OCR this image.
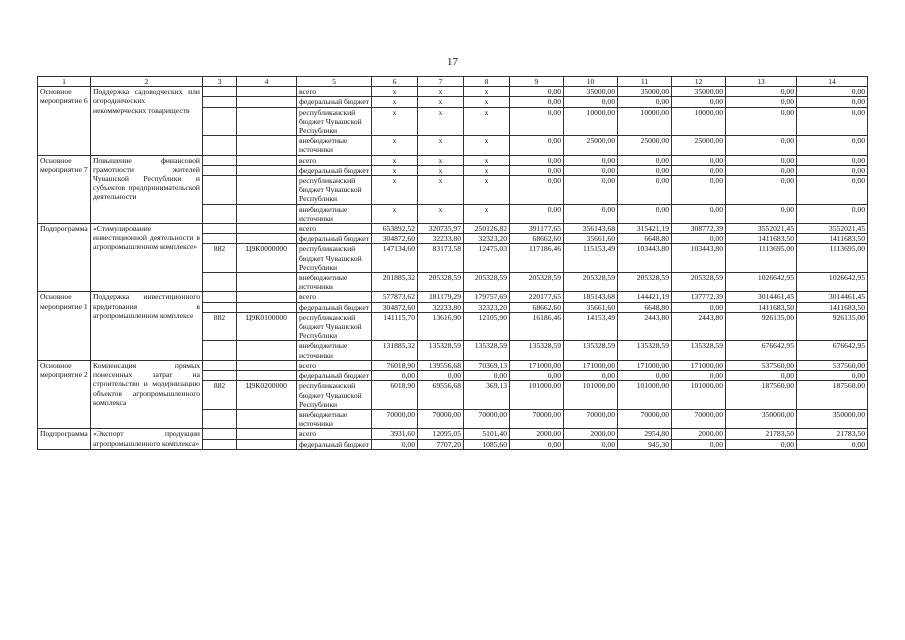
17
1	2	3	4	5	6	7	8	9	10	11	12	13	14
Основное мероприятие 6	Поддержка садоводческих или огороднических некоммерческих товариществ			всего	x	x	x	0,00	35000,00	35000,00	35000,00	0,00	0,00
				федеральный бюджет	x	x	x	0,00	0,00	0,00	0,00	0,00	0,00
				республиканский бюджет Чувашской Республики	x	x	x	0,00	10000,00	10000,00	10000,00	0,00	0,00
				внебюджетные источники	x	x	x	0,00	25000,00	25000,00	25000,00	0,00	0,00
Основное мероприятие 7	Повышение финансовой грамотности жителей Чувашской Республики и субъектов предпринимательской деятельности			всего	x	x	x	0,00	0,00	0,00	0,00	0,00	0,00
				федеральный бюджет	x	x	x	0,00	0,00	0,00	0,00	0,00	0,00
				республиканский бюджет Чувашской Республики	x	x	x	0,00	0,00	0,00	0,00	0,00	0,00
				внебюджетные источники	x	x	x	0,00	0,00	0,00	0,00	0,00	0,00
Подпрограмма	«Стимулирование инвестиционной деятельности в агропромышленном комплексе»			всего	653892,52	320735,97	250126,82	391177,65	356143,68	315421,19	308772,39	3552021,45	3552021,45
				федеральный бюджет	304872,60	32233,80	32323,20	68662,60	35661,60	6648,80	0,00	1411683,50	1411683,50
		882	Ц9К0000000	республиканский бюджет Чувашской Республики	147134,60	83173,58	12475,03	117186,46	115153,49	103443,80	103443,80	1113695,00	1113695,00
				внебюджетные источники	201885,32	205328,59	205328,59	205328,59	205328,59	205328,59	205328,59	1026642,95	1026642,95
Основное мероприятие 1	Поддержка инвестиционного кредитования в агропромышленном комплексе			всего	577873,62	181179,29	179757,69	220177,65	185143,68	144421,19	137772,39	3014461,45	3014461,45
				федеральный бюджет	304872,60	32233,80	32323,20	68662,60	35661,60	6648,80	0,00	1411683,50	1411683,50
		882	Ц9К0100000	республиканский бюджет Чувашской Республики	141115,70	13616,90	12105,90	16186,46	14153,49	2443,80	2443,80	926135,00	926135,00
				внебюджетные источники	131885,32	135328,59	135328,59	135328,59	135328,59	135328,59	135328,59	676642,95	676642,95
Основное мероприятие 2	Компенсация прямых понесенных затрат на строительство и модернизацию объектов агропромышленного комплекса			всего	76018,90	139556,68	70369,13	171000,00	171000,00	171000,00	171000,00	537560,00	537560,00
				федеральный бюджет	0,00	0,00	0,00	0,00	0,00	0,00	0,00	0,00	0,00
		882	Ц9К0200000	республиканский бюджет Чувашской Республики	6018,90	69556,68	369,13	101000,00	101000,00	101000,00	101000,00	187560,00	187560,00
				внебюджетные источники	70000,00	70000,00	70000,00	70000,00	70000,00	70000,00	70000,00	350000,00	350000,00
Подпрограмма	«Экспорт продукции агропромышленного комплекса»			всего	3931,60	12095,05	5101,40	2000,00	2000,00	2954,80	2000,00	21783,50	21783,50
				федеральный бюджет	0,00	7707,20	1085,60	0,00	0,00	945,30	0,00	0,00	0,00
